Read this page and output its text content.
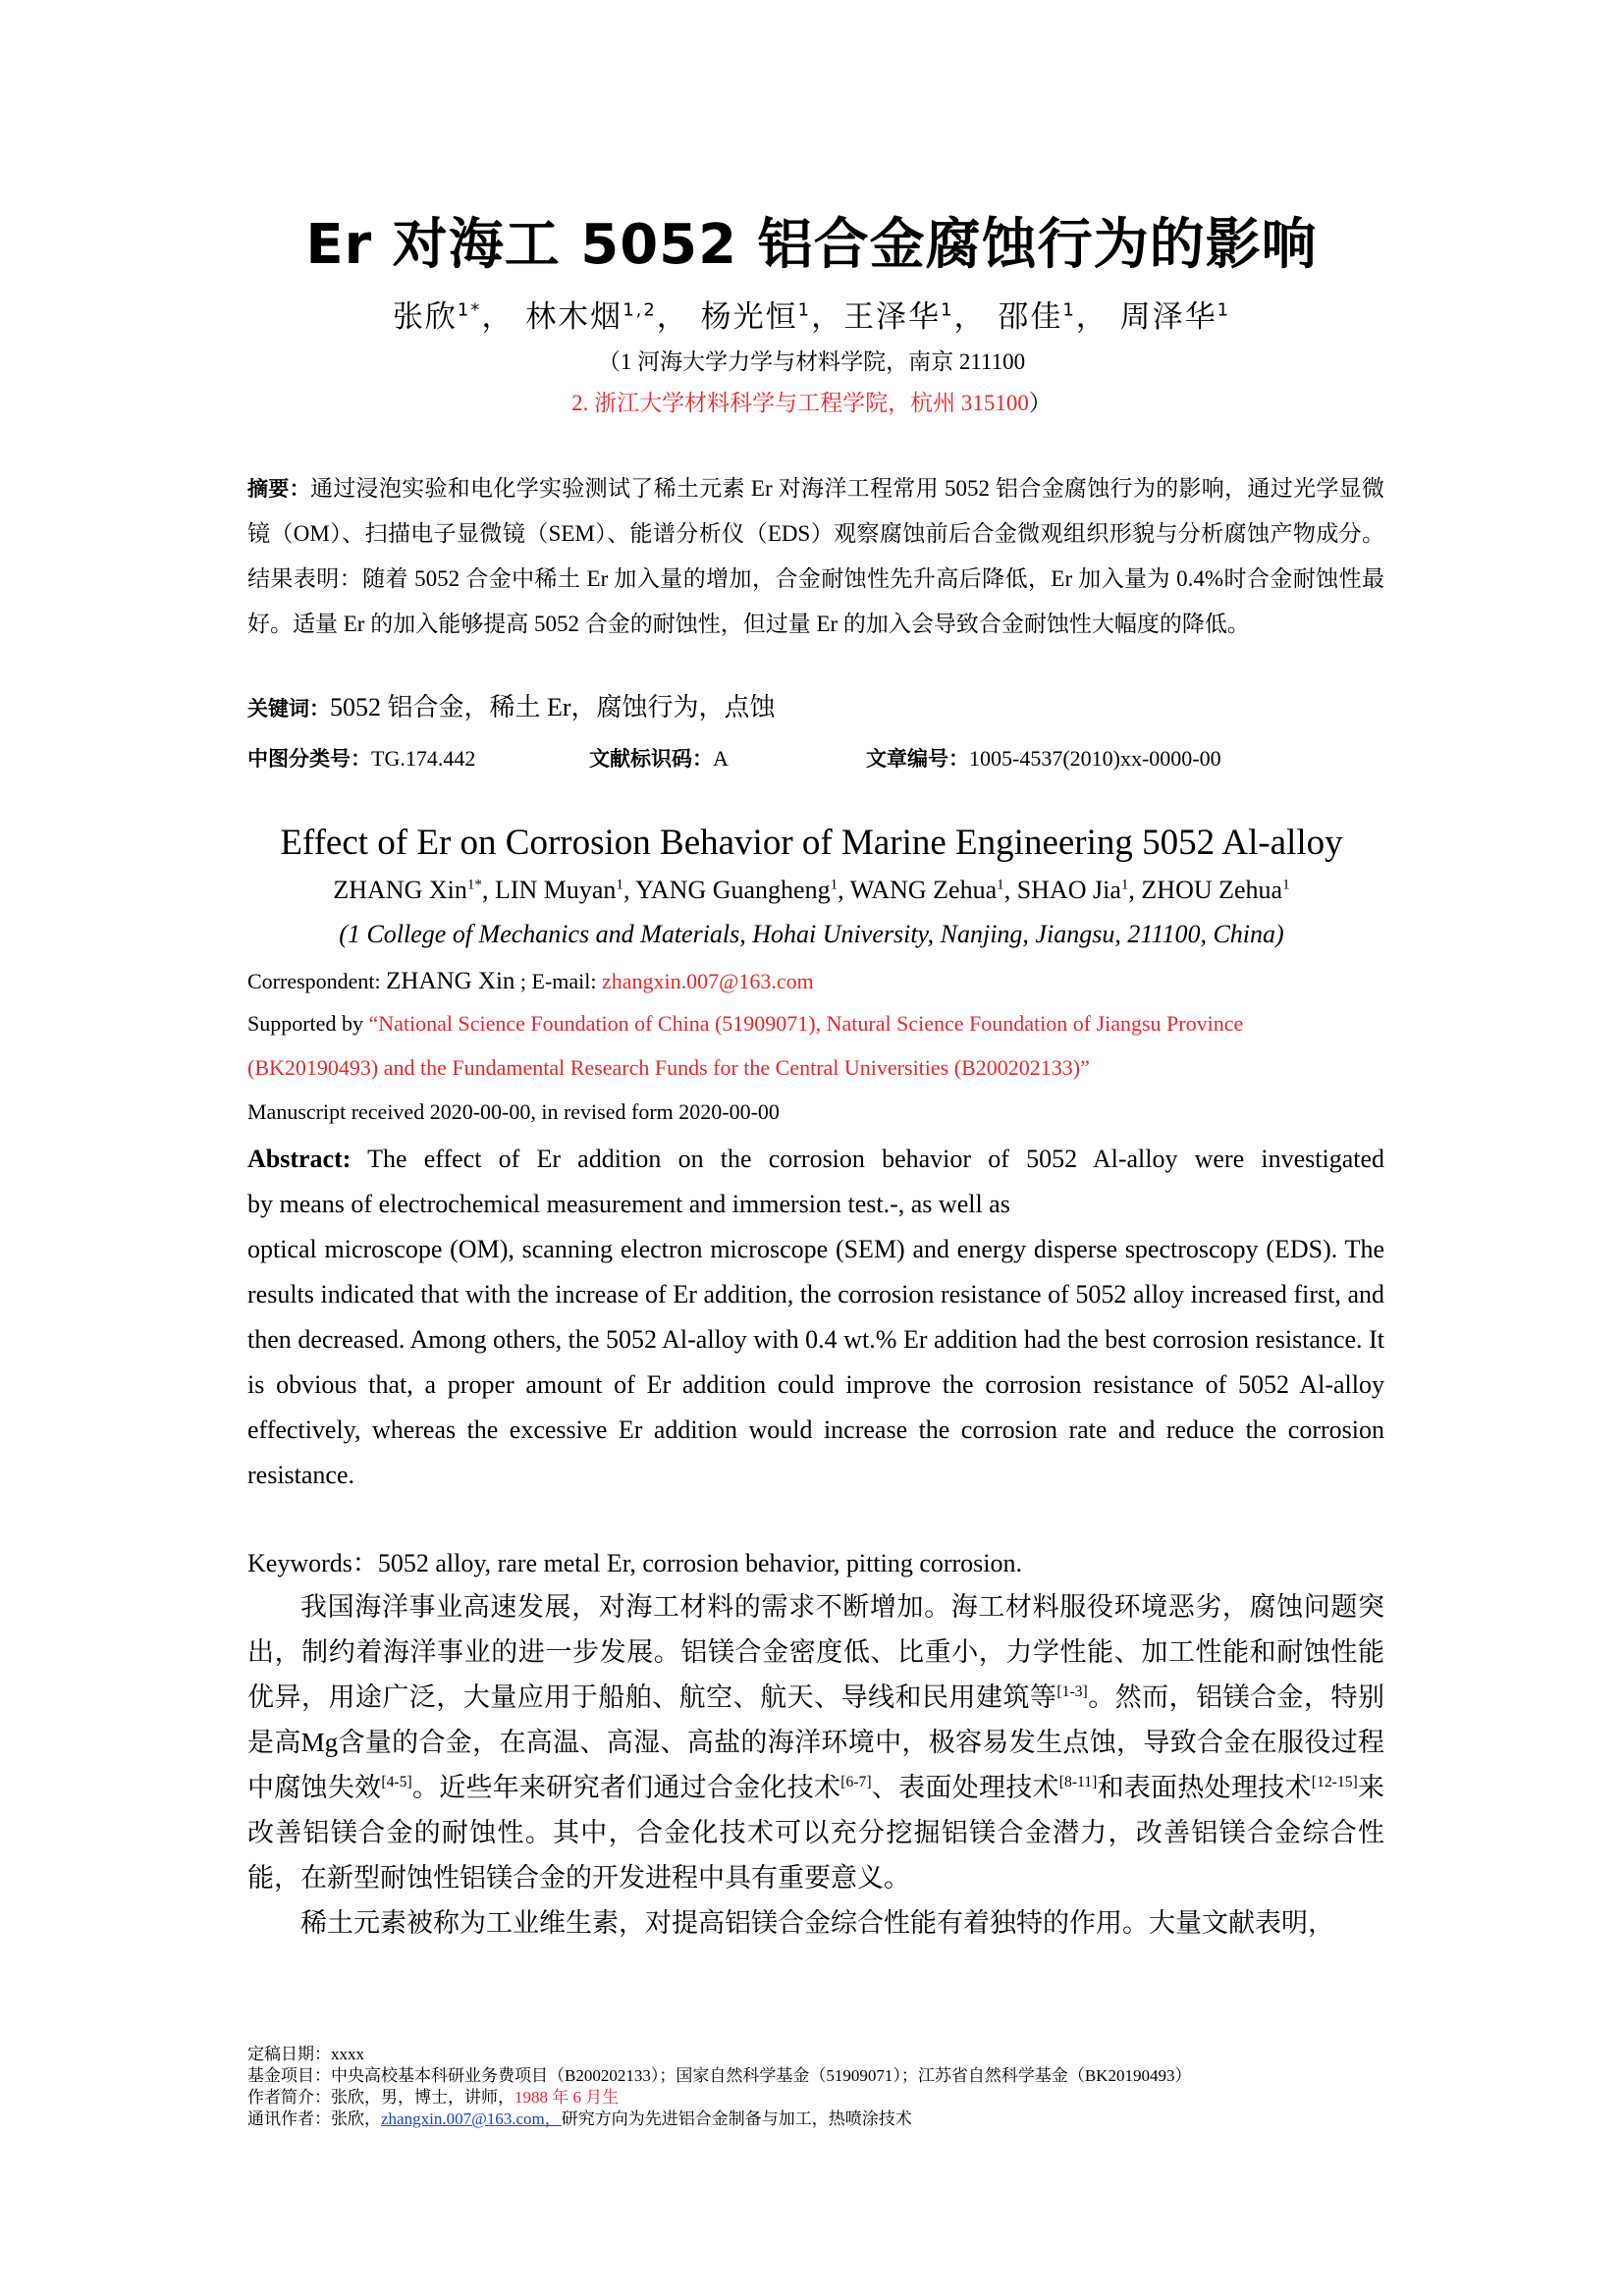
Er 对海工 5052 铝合金腐蚀行为的影响
张欣$^{1*}$， 林木烟$^{1,2}$， 杨光恒$^1$，王泽华$^1$， 邵佳$^1$， 周泽华$^1$
（1 河海大学力学与材料学院，南京 211100
2. 浙江大学材料科学与工程学院，杭州 315100）
摘要：通过浸泡实验和电化学实验测试了稀土元素 Er 对海洋工程常用 5052 铝合金腐蚀行为的影响，通过光学显微镜（OM）、扫描电子显微镜（SEM）、能谱分析仪（EDS）观察腐蚀前后合金微观组织形貌与分析腐蚀产物成分。结果表明：随着 5052 合金中稀土 Er 加入量的增加，合金耐蚀性先升高后降低，Er 加入量为 0.4%时合金耐蚀性最好。适量 Er 的加入能够提高 5052 合金的耐蚀性，但过量 Er 的加入会导致合金耐蚀性大幅度的降低。
关键词：5052 铝合金，稀土 Er，腐蚀行为，点蚀
中图分类号：TG.174.442	文献标识码：A	文章编号：1005-4537(2010)xx-0000-00
Effect of Er on Corrosion Behavior of Marine Engineering 5052 Al-alloy
ZHANG Xin$^{1*}$, LIN Muyan$^1$, YANG Guangheng$^1$, WANG Zehua$^1$, SHAO Jia$^1$, ZHOU Zehua$^1$
(1 College of Mechanics and Materials, Hohai University, Nanjing, Jiangsu, 211100, China)
Correspondent: ZHANG Xin ; E-mail: zhangxin.007@163.com
Supported by “National Science Foundation of China (51909071), Natural Science Foundation of Jiangsu Province
(BK20190493) and the Fundamental Research Funds for the Central Universities (B200202133)”
Manuscript received 2020-00-00, in revised form 2020-00-00
Abstract: The effect of Er addition on the corrosion behavior of 5052 Al-alloy were investigated
by means of electrochemical measurement and immersion test.-, as well as
optical microscope (OM), scanning electron microscope (SEM) and energy disperse spectroscopy (EDS). The results indicated that with the increase of Er addition, the corrosion resistance of 5052 alloy increased first, and then decreased. Among others, the 5052 Al-alloy with 0.4 wt.% Er addition had the best corrosion resistance. It is obvious that, a proper amount of Er addition could improve the corrosion resistance of 5052 Al-alloy effectively, whereas the excessive Er addition would increase the corrosion rate and reduce the corrosion resistance.
Keywords：5052 alloy, rare metal Er, corrosion behavior, pitting corrosion.

我国海洋事业高速发展，对海工材料的需求不断增加。海工材料服役环境恶劣，腐蚀问题突出，制约着海洋事业的进一步发展。铝镁合金密度低、比重小，力学性能、加工性能和耐蚀性能优异，用途广泛，大量应用于船舶、航空、航天、导线和民用建筑等[1-3]。然而，铝镁合金，特别是高Mg含量的合金，在高温、高湿、高盐的海洋环境中，极容易发生点蚀，导致合金在服役过程中腐蚀失效[4-5]。近些年来研究者们通过合金化技术[6-7]、表面处理技术[8-11]和表面热处理技术[12-15]来改善铝镁合金的耐蚀性。其中，合金化技术可以充分挖掘铝镁合金潜力，改善铝镁合金综合性能，在新型耐蚀性铝镁合金的开发进程中具有重要意义。

稀土元素被称为工业维生素，对提高铝镁合金综合性能有着独特的作用。大量文献表明，

定稿日期：xxxx
基金项目：中央高校基本科研业务费项目（B200202133）；国家自然科学基金（51909071）；江苏省自然科学基金（BK20190493）
作者简介：张欣，男，博士，讲师，1988 年 6 月生
通讯作者：张欣，zhangxin.007@163.com，研究方向为先进铝合金制备与加工，热喷涂技术
